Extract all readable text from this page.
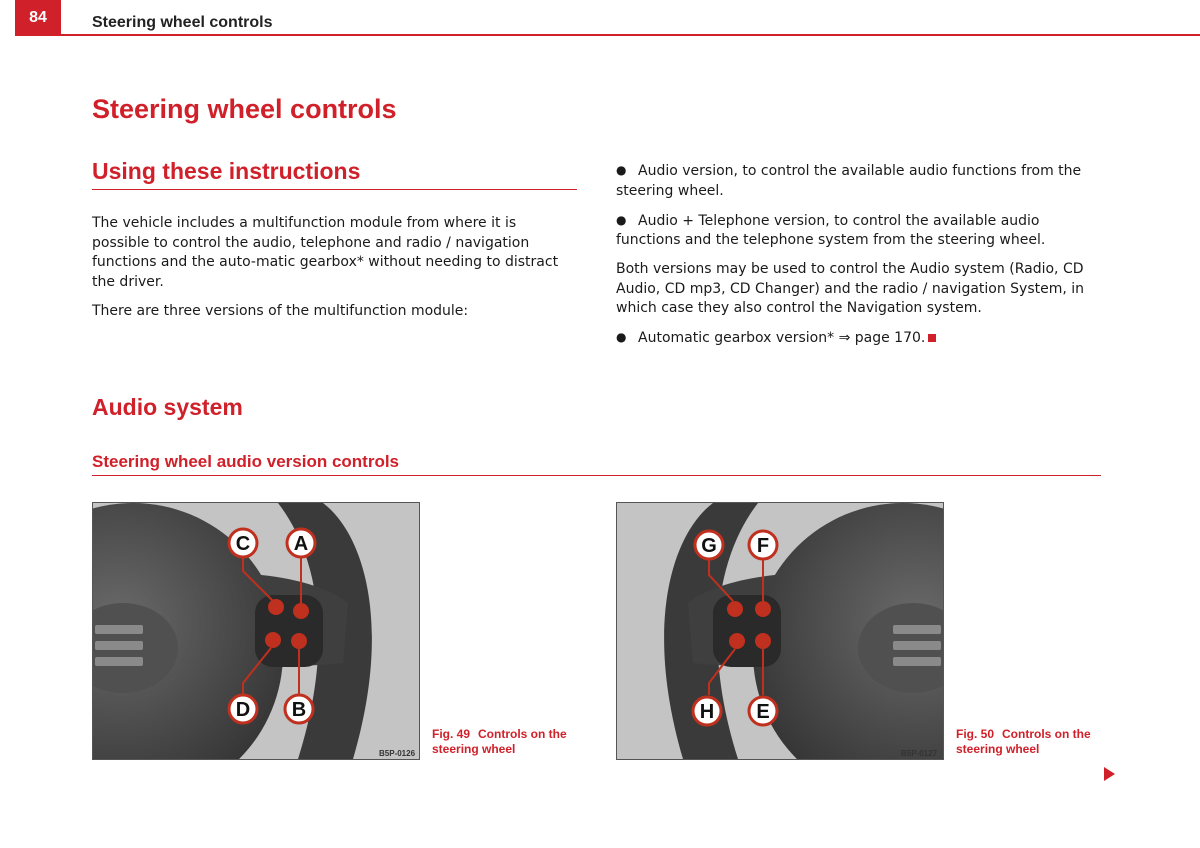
84	Steering wheel controls
Steering wheel controls
Using these instructions

The vehicle includes a multifunction module from where it is possible to control the audio, telephone and radio / navigation functions and the auto-matic gearbox* without needing to distract the driver.

There are three versions of the multifunction module:

● Audio version, to control the available audio functions from the steering wheel.

● Audio + Telephone version, to control the available audio functions and the telephone system from the steering wheel.

Both versions may be used to control the Audio system (Radio, CD Audio, CD mp3, CD Changer) and the radio / navigation System, in which case they also control the Navigation system.

● Automatic gearbox version* ⇒ page 170.

Audio system
Steering wheel audio version controls
C A
D B
B5P-0126
Fig. 49 Controls on the steering wheel
G F
H E
B5P-0127
Fig. 50 Controls on the steering wheel
